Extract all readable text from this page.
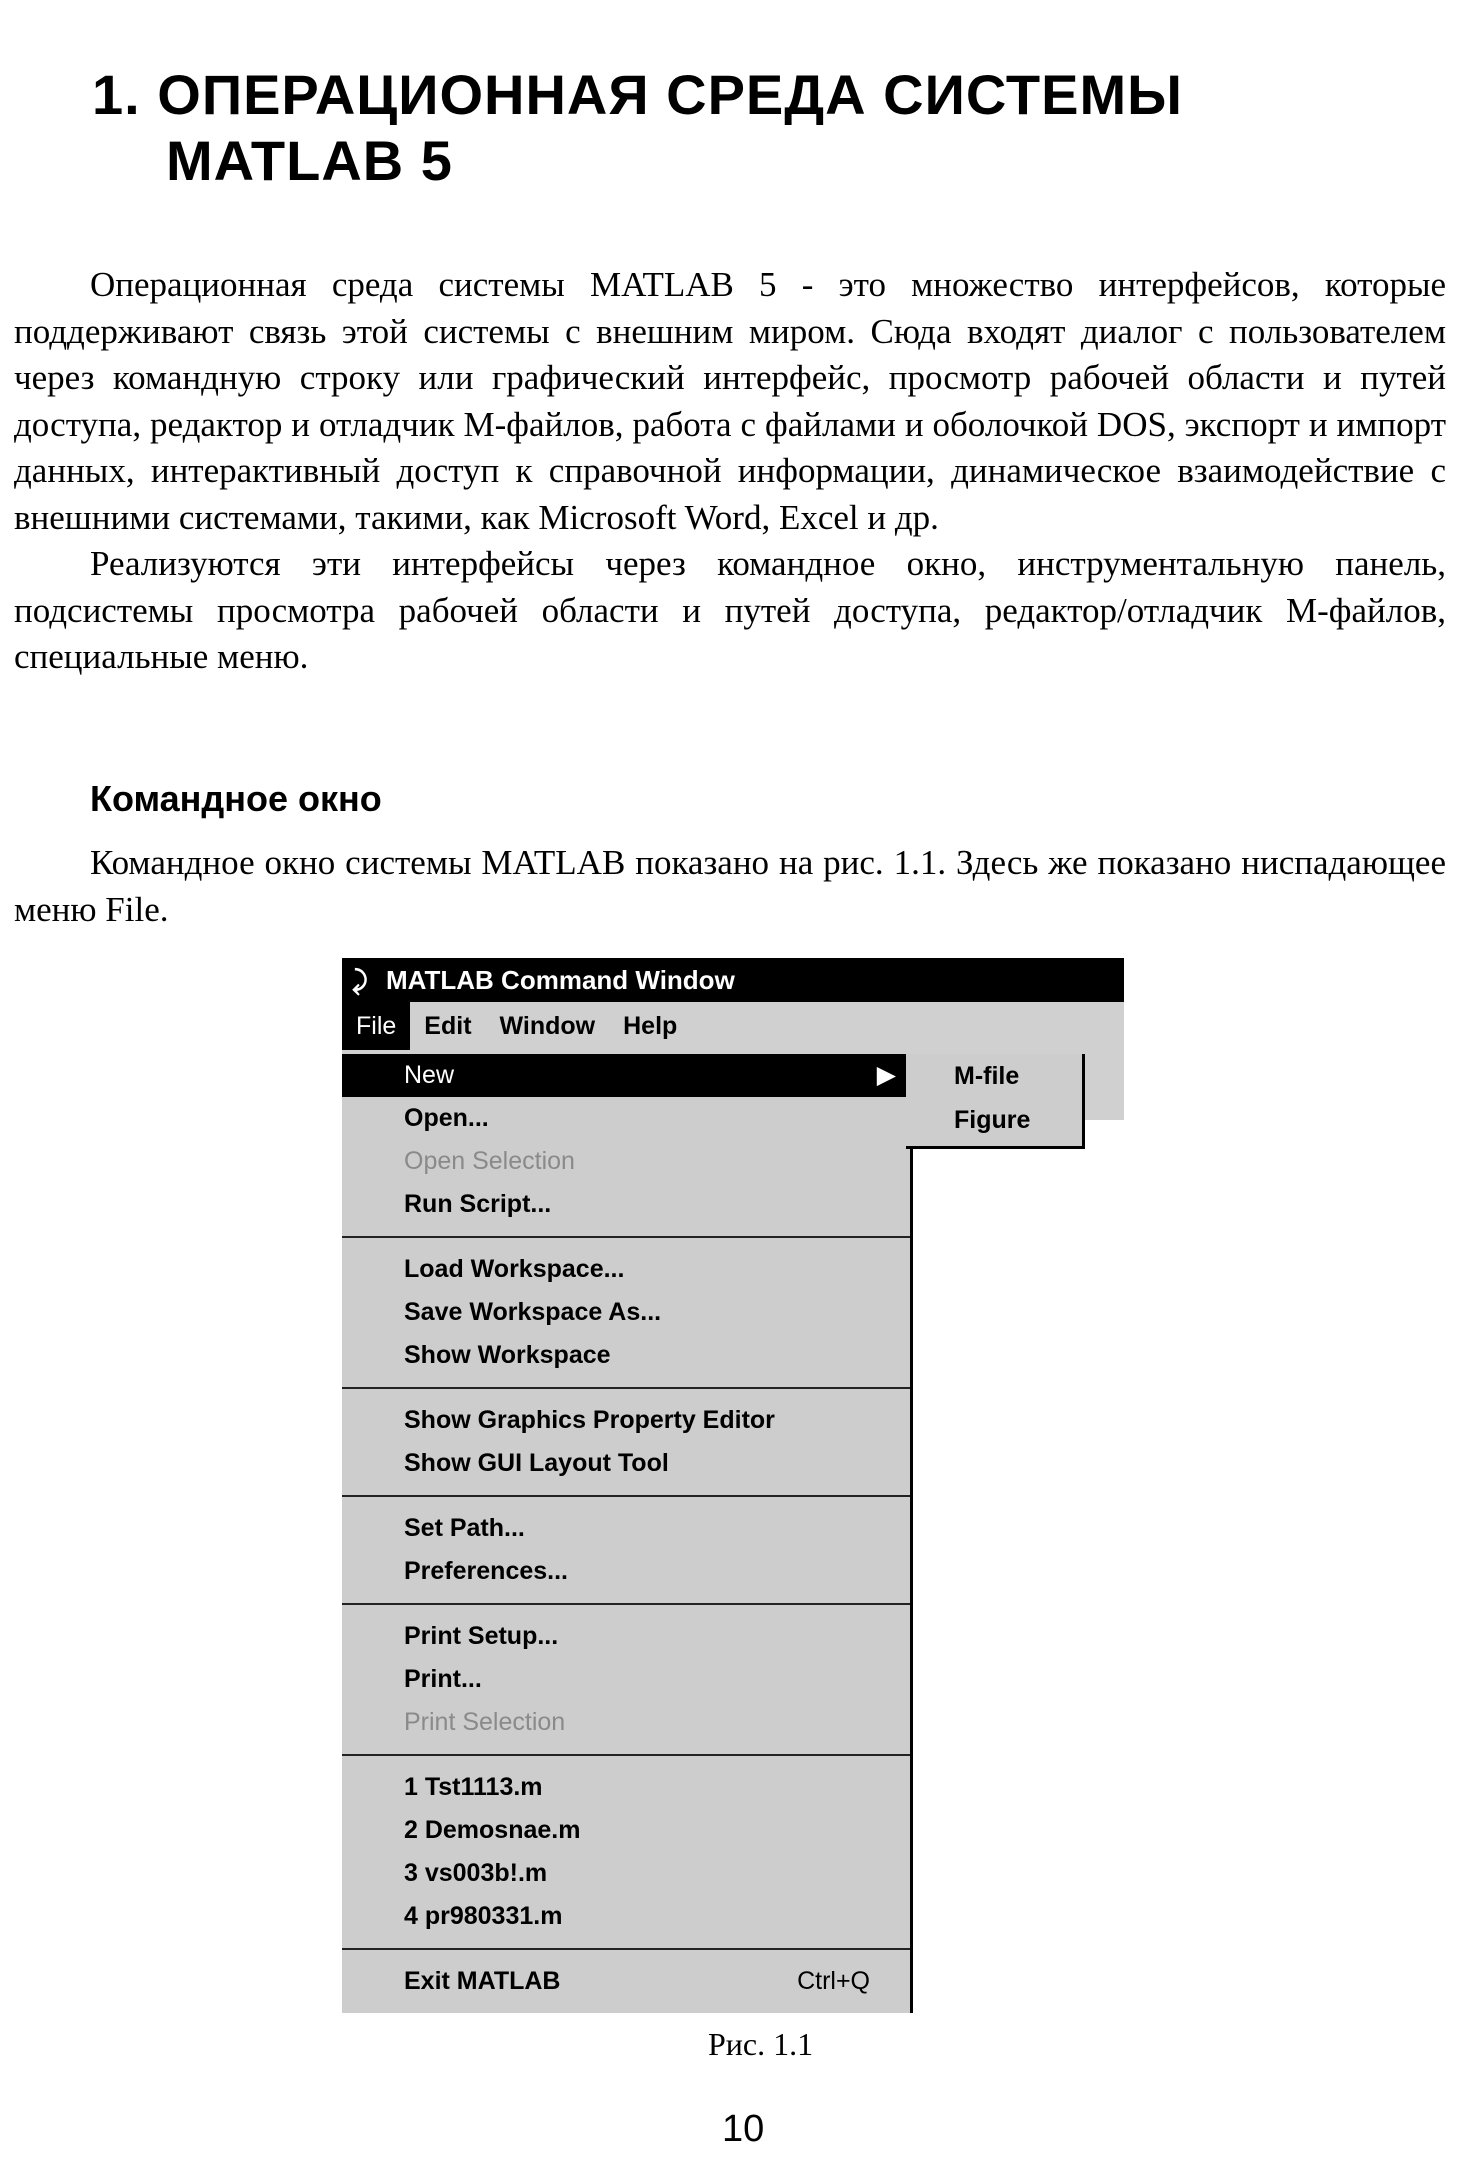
1. ОПЕРАЦИОННАЯ СРЕДА СИСТЕМЫ
MATLAB 5

Операционная среда системы MATLAB 5 - это множество интерфейсов, которые поддерживают связь этой системы с внешним миром. Сюда входят диалог с пользователем через командную строку или графический интерфейс, просмотр рабочей области и путей доступа, редактор и отладчик M-файлов, работа с файлами и оболочкой DOS, экспорт и импорт данных, интерактивный доступ к справочной информации, динамическое взаимодействие с внешними системами, такими, как Microsoft Word, Excel и др.

Реализуются эти интерфейсы через командное окно, инструментальную панель, подсистемы просмотра рабочей области и путей доступа, редактор/отладчик M-файлов, специальные меню.

Командное окно

Командное окно системы MATLAB показано на рис. 1.1. Здесь же показано ниспадающее меню File.

⤸ MATLAB Command Window
File	Edit	Window	Help
New	▶
Open...
Open Selection
Run Script...
Load Workspace...
Save Workspace As...
Show Workspace
Show Graphics Property Editor
Show GUI Layout Tool
Set Path...
Preferences...
Print Setup...
Print...
Print Selection
1 Tst1113.m
2 Demosnae.m
3 vs003b!.m
4 pr980331.m
Exit MATLAB	Ctrl+Q
M-file
Figure
Рис. 1.1
10
